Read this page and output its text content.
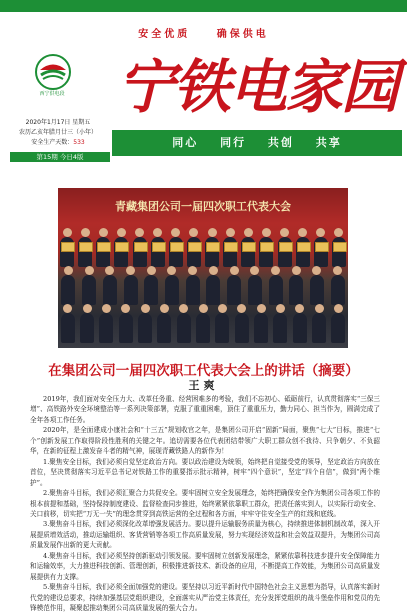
安全优质	确保供电
西宁供电段
2020年1月17日 星期五
农历乙亥年腊月廿三（小年）
安全生产天数：533
第15期 今日4版
宁铁电家园
同心 同行 共创 共享
青藏集团公司一届四次职工代表大会
在集团公司一届四次职工代表大会上的讲话（摘要）
王爽

2019年，我们面对安全压力大、改革任务重、经营困难多的考验，我们不忘初心、砥砺前行，认真贯彻落实“三保三增”、高铁路外安全环境整治等一系列决策部署，克服了重重困难，顶住了重重压力，勤力同心、担当作为，圆满完成了全年各项工作任务。

2020年，是全面建成小康社会和“十三五”规划收官之年，是集团公司开启“固新”局面，聚焦“七大”目标，推进“七个”创新发展工作取得阶段性胜利的关键之年。追切需要各位代表团结带领广大职工群众创不我待、只争朝夕、不负韶华，在新的征程上激发奋斗者的精气神，展现青藏铁路人的新作为！

1.聚焦安全目标，我们必须自觉坚定政治方向。要以政治建设为统领，始终把自觉接受党的领导，坚定政治方向放在首位，坚决贯彻落实习近平总书记对铁路工作的重要指示批示精神，树牢“四个意识”，坚定“四个自信”，做到“两个维护”。

2.聚焦奋斗目标，我们必须汇聚合力共促安全。要牢固树立安全发展理念，始终把确保安全作为集团公司各项工作的根本前提和基础，坚持保持制度建设、监督检查同步推进，始终紧紧依靠职工群众，把责任落实到人，以实际行动安全、关口前移，切实把“万无一失”的理念贯穿到高铁运营的全过程和各方面，牢牢守住安全生产的红线和底线。

3.聚焦奋斗目标，我们必须深化改革增强发展活力。要以提升运输服务质量为核心，持续推进体制机制改革，深入开展提质增效活动，推动运输组织、客货营销等各项工作高质量发展，努力实现经济效益和社会效益双提升，为集团公司高质量发展作出新的更大贡献。

4.聚焦奋斗目标，我们必须坚持创新驱动引领发展。要牢固树立创新发展理念，紧紧依靠科技进步提升安全保障能力和运输效率，大力推进科技创新、管理创新，积极推进新技术、新设备的应用，不断提高工作效能，为集团公司高质量发展提供有力支撑。

5.聚焦奋斗目标，我们必须全面加强党的建设。要坚持以习近平新时代中国特色社会主义思想为指导，认真落实新时代党的建设总要求，持续加强基层党组织建设，全面落实从严治党主体责任，充分发挥党组织的战斗堡垒作用和党员的先锋模范作用，凝聚起推动集团公司高质量发展的强大合力。
